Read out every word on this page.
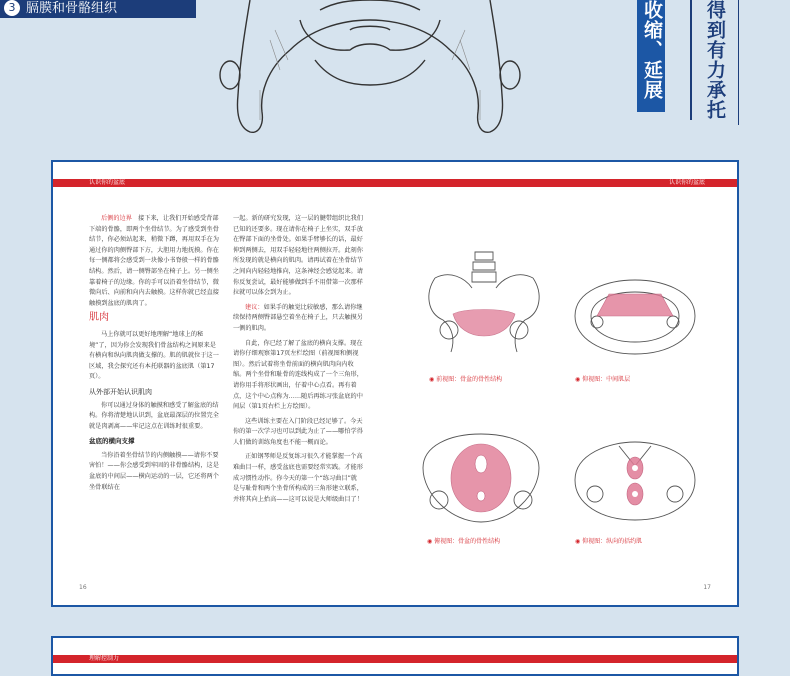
3 膈膜和骨骼组织	收缩、延展 得到有力承托
认识你的盆底	认识你的盆底

后侧的边界　 接下来，让我们开始感受背部下端的骨骼，即两个坐骨结节。为了感受到坐骨结节，你必须站起来，稍微下蹲，再用双手在为通过你的肉侧臀部下方，大胆用力地抚摸。你在每一侧都将会感受到一块像小书脊般一样的骨骼结构。然后，请一侧臀部坐在椅子上。另一侧坐靠着椅子的边缘。你的手可以沿着坐骨结节，微微向后、向前和向内去触摸。这样你就已经直接触摸到盆底的肌肉了。

肌肉

马上你就可以更好地理解“地球上的秘境”了，因为你会发现我们骨盆结构之间原来是有横向和纵向肌肉做支撑的。肌的肌就位于这一区域，我会探究还有本托联器的盆底肌（第17页）。

从外部开始认识肌肉

你可以通过身体的触摸和感受了解盆底的结构。你将清楚地认识到，盆底最深层的位置完全就是肉剥离——牢记这点在训练时很重要。

盆底的横向支撑

当你沿着坐骨结节的内侧触摸——请你不要害怕！——你会感受到牢固的非骨骼结构，这是盆底的中间层——横向运动的一层，它还将两个坐骨联结在

一起。新的研究发现，这一层的腱带组织比我们已知的还要多。现在请你在椅子上坐实，双手放在臀部下面的坐骨处。如果手臂够长的话，最好伸到两侧去，用双手轻轻地往两侧拉开。此刻你所发现的就是横向的肌肉。请再试着在坐骨结节之间向内轻轻地推向，这条神经会感觉起来。请你反复尝试，最好能够做到手不用借第一次那样拉就可以体会到为止。

建议：如果手的触觉比较敏感，那么请你继续保持两侧臀部悬空着坐在椅子上，只去触摸另一侧的肌肉。

自此，你已经了解了盆底的横向支撑。现在请你仔细观察第17页左栏绘图（前视图和侧视图）。然后试着将坐骨前面的横向肌肉向内收缩。两个坐骨和耻骨的连线构成了一个三角形，请你用手将形状画出，仔着中心点看。再有着点，这个中心点称为……随后再练习张盆底的中间层（第1页右栏上方绘图）。

这些训练主要在入门阶段已经足够了。今天你的第一次学习也可以到此为止了——哪怕学得人们做的训练角度也不能一概而论。

正如钢琴师是反复练习很久才能掌握一个高难曲目一样，感受盆底也需要经常实践。才能形成习惯性动作。你今天的第一个“练习曲目”就是与耻骨和两个坐骨所构成的三角形建立联系，并将其向上抬高——这可以说是大师级曲目了！

16	17
◉ 前视图：骨盆的骨性结构	◉ 仰视图：中间肌层
◉ 俯视图：骨盆的骨性结构	◉ 仰视图：纵向的括约肌
理解控制力
